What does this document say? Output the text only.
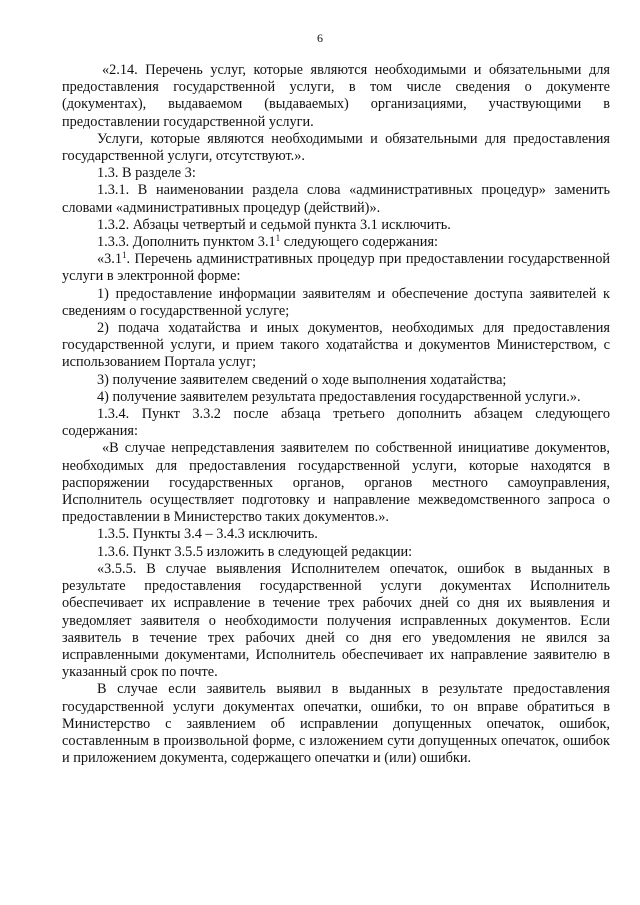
6

«2.14. Перечень услуг, которые являются необходимыми и обязательными для предоставления государственной услуги, в том числе сведения о документе (документах), выдаваемом (выдаваемых) организациями, участвующими в предоставлении государственной услуги.

Услуги, которые являются необходимыми и обязательными для предоставления государственной услуги, отсутствуют.».

1.3. В разделе 3:

1.3.1. В наименовании раздела слова «административных процедур» заменить словами «административных процедур (действий)».

1.3.2. Абзацы четвертый и седьмой пункта 3.1 исключить.

1.3.3. Дополнить пунктом $3.1^1$ следующего содержания:

«$3.1^1$. Перечень административных процедур при предоставлении государственной услуги в электронной форме:

1) предоставление информации заявителям и обеспечение доступа заявителей к сведениям о государственной услуге;

2) подача ходатайства и иных документов, необходимых для предоставления государственной услуги, и прием такого ходатайства и документов Министерством, с использованием Портала услуг;

3) получение заявителем сведений о ходе выполнения ходатайства;

4) получение заявителем результата предоставления государственной услуги.».

1.3.4. Пункт 3.3.2 после абзаца третьего дополнить абзацем следующего содержания:

«В случае непредставления заявителем по собственной инициативе документов, необходимых для предоставления государственной услуги, которые находятся в распоряжении государственных органов, органов местного самоуправления, Исполнитель осуществляет подготовку и направление межведомственного запроса о предоставлении в Министерство таких документов.».

1.3.5. Пункты 3.4 – 3.4.3 исключить.

1.3.6. Пункт 3.5.5 изложить в следующей редакции:

«3.5.5. В случае выявления Исполнителем опечаток, ошибок в выданных в результате предоставления государственной услуги документах Исполнитель обеспечивает их исправление в течение трех рабочих дней со дня их выявления и уведомляет заявителя о необходимости получения исправленных документов. Если заявитель в течение трех рабочих дней со дня его уведомления не явился за исправленными документами, Исполнитель обеспечивает их направление заявителю в указанный срок по почте.

В случае если заявитель выявил в выданных в результате предоставления государственной услуги документах опечатки, ошибки, то он вправе обратиться в Министерство с заявлением об исправлении допущенных опечаток, ошибок, составленным в произвольной форме, с изложением сути допущенных опечаток, ошибок и приложением документа, содержащего опечатки и (или) ошибки.
